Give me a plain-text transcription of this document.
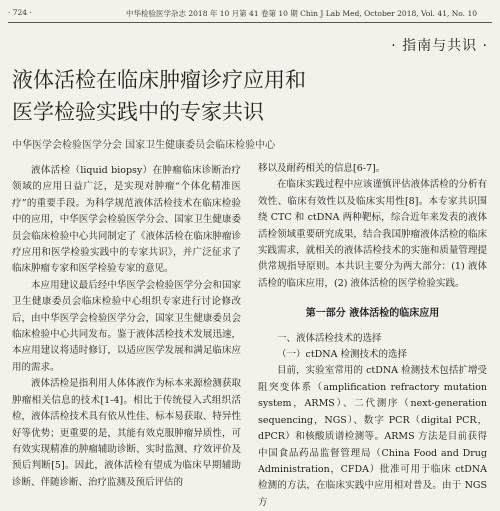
· 724 ·	中华检验医学杂志 2018 年 10 月第 41 卷第 10 期 Chin J Lab Med, October 2018, Vol. 41, No. 10
· 指南与共识 ·
液体活检在临床肿瘤诊疗应用和
医学检验实践中的专家共识
中华医学会检验医学分会 国家卫生健康委员会临床检验中心

液体活检（liquid biopsy）在肿瘤临床诊断治疗领域的应用日益广泛，是实现对肿瘤“个体化精准医疗”的重要手段。为科学规范液体活检技术在临床检验中的应用，中华医学会检验医学分会、国家卫生健康委员会临床检验中心共同制定了《液体活检在临床肿瘤诊疗应用和医学检验实践中的专家共识》，并广泛征求了临床肿瘤专家和医学检验专家的意见。

本应用建议最后经中华医学会检验医学分会和国家卫生健康委员会临床检验中心组织专家进行讨论修改后，由中华医学会检验医学分会，国家卫生健康委员会临床检验中心共同发布。鉴于液体活检技术发展迅速，本应用建议将适时修订，以适应医学发展和满足临床应用的需求。

液体活检是指利用人体体液作为标本来源检测获取肿瘤相关信息的技术[1-4]。相比于传统侵入式组织活检，液体活检技术具有依从性佳、标本易获取、特异性好等优势；更重要的是，其能有效克服肿瘤异质性，可有效实现精准的肿瘤辅助诊断、实时监测、疗效评价及预后判断[5]。因此，液体活检有望成为临床早期辅助诊断、伴随诊断、治疗监测及预后评估的

移以及耐药相关的信息[6-7]。

在临床实践过程中应该谨慎评估液体活检的分析有效性、临床有效性以及临床实用性[8]。本专家共识围绕 CTC 和 ctDNA 两种靶标，综合近年来发表的液体活检领域重要研究成果，结合我国肿瘤液体活检的临床实践需求，就相关的液体活检技术的实施和质量管理提供常规指导原则。本共识主要分为两大部分：(1) 液体活检的临床应用，(2) 液体活检的医学检验实践。

第一部分 液体活检的临床应用

一、液体活检技术的选择

（一）ctDNA 检测技术的选择

目前，实验室常用的 ctDNA 检测技术包括扩增受阻突变体系（amplification refractory mutation system，ARMS）、二代测序（next-generation sequencing，NGS）、数字 PCR（digital PCR，dPCR）和核酸质谱检测等。ARMS 方法是目前获得中国食品药品监督管理局（China Food and Drug Administration，CFDA）批准可用于临床 ctDNA 检测的方法，在临床实践中应用相对普及。由于 NGS 方
